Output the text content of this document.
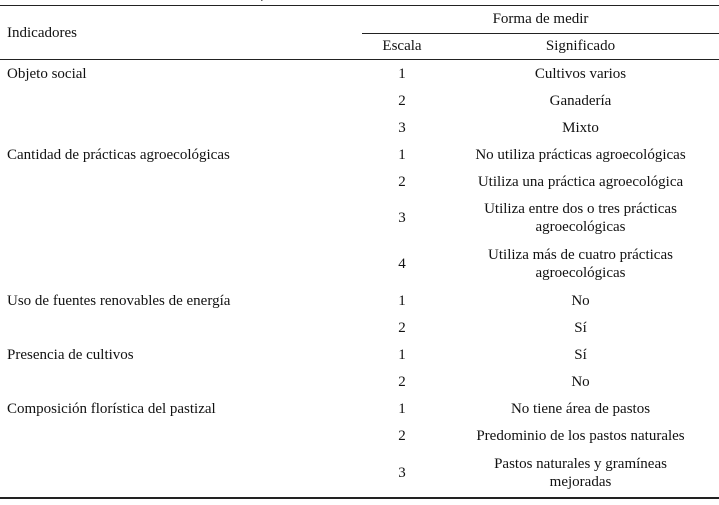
Indicadores	Forma de medir	
	Escala	Significado
Objeto social	1	Cultivos varios
	2	Ganadería
	3	Mixto
Cantidad de prácticas agroecológicas	1	No utiliza prácticas agroecológicas
	2	Utiliza una práctica agroecológica
	3	Utiliza entre dos o tres prácticas agroecológicas
	4	Utiliza más de cuatro prácticas agroecológicas
Uso de fuentes renovables de energía	1	No
	2	Sí
Presencia de cultivos	1	Sí
	2	No
Composición florística del pastizal	1	No tiene área de pastos
	2	Predominio de los pastos naturales
	3	Pastos naturales y gramíneas mejoradas
